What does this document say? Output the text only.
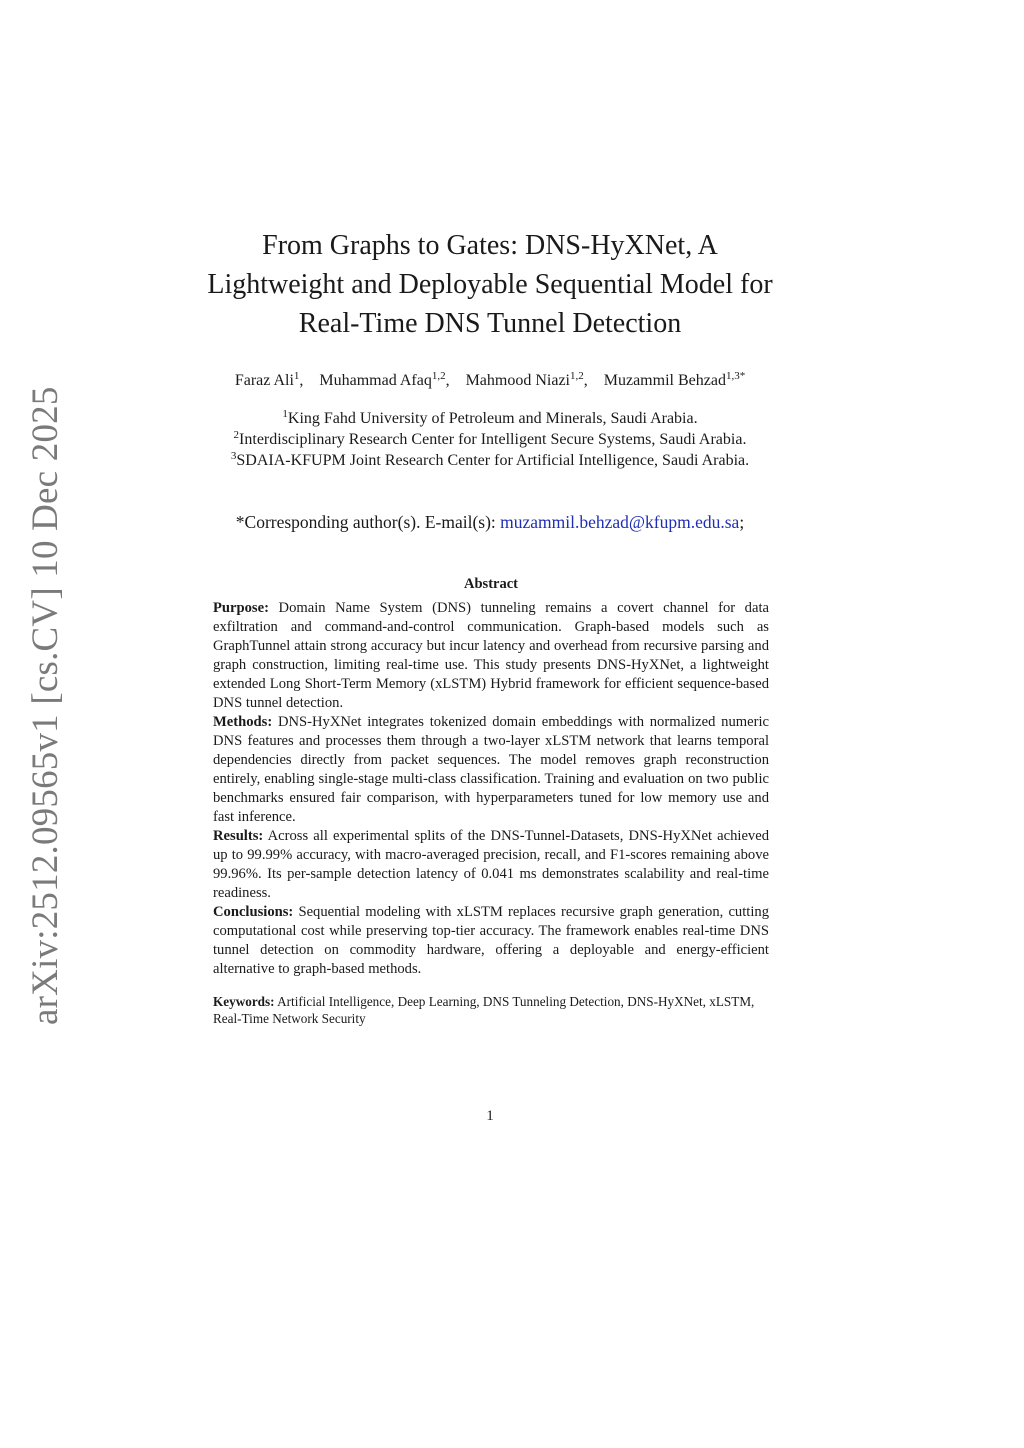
arXiv:2512.09565v1 [cs.CV] 10 Dec 2025
From Graphs to Gates: DNS-HyXNet, A
Lightweight and Deployable Sequential Model for
Real-Time DNS Tunnel Detection
Faraz Ali$^1$, Muhammad Afaq$^{1,2}$, Mahmood Niazi$^{1,2}$, Muzammil Behzad$^{1,3*}$
$^1$King Fahd University of Petroleum and Minerals, Saudi Arabia.
$^2$Interdisciplinary Research Center for Intelligent Secure Systems, Saudi Arabia.
$^3$SDAIA-KFUPM Joint Research Center for Artificial Intelligence, Saudi Arabia.
*Corresponding author(s). E-mail(s): muzammil.behzad@kfupm.edu.sa;
Abstract

Purpose: Domain Name System (DNS) tunneling remains a covert channel for data exfiltration and command-and-control communication. Graph-based models such as GraphTunnel attain strong accuracy but incur latency and overhead from recursive parsing and graph construction, limiting real-time use. This study presents DNS-HyXNet, a lightweight extended Long Short-Term Memory (xLSTM) Hybrid framework for efficient sequence-based DNS tunnel detection.

Methods: DNS-HyXNet integrates tokenized domain embeddings with normalized numeric DNS features and processes them through a two-layer xLSTM network that learns temporal dependencies directly from packet sequences. The model removes graph reconstruction entirely, enabling single-stage multi-class classification. Training and evaluation on two public benchmarks ensured fair comparison, with hyperparameters tuned for low memory use and fast inference.

Results: Across all experimental splits of the DNS-Tunnel-Datasets, DNS-HyXNet achieved up to 99.99% accuracy, with macro-averaged precision, recall, and F1-scores remaining above 99.96%. Its per-sample detection latency of 0.041 ms demonstrates scalability and real-time readiness.

Conclusions: Sequential modeling with xLSTM replaces recursive graph generation, cutting computational cost while preserving top-tier accuracy. The framework enables real-time DNS tunnel detection on commodity hardware, offering a deployable and energy-efficient alternative to graph-based methods.

Keywords: Artificial Intelligence, Deep Learning, DNS Tunneling Detection, DNS-HyXNet, xLSTM, Real-Time Network Security
1
